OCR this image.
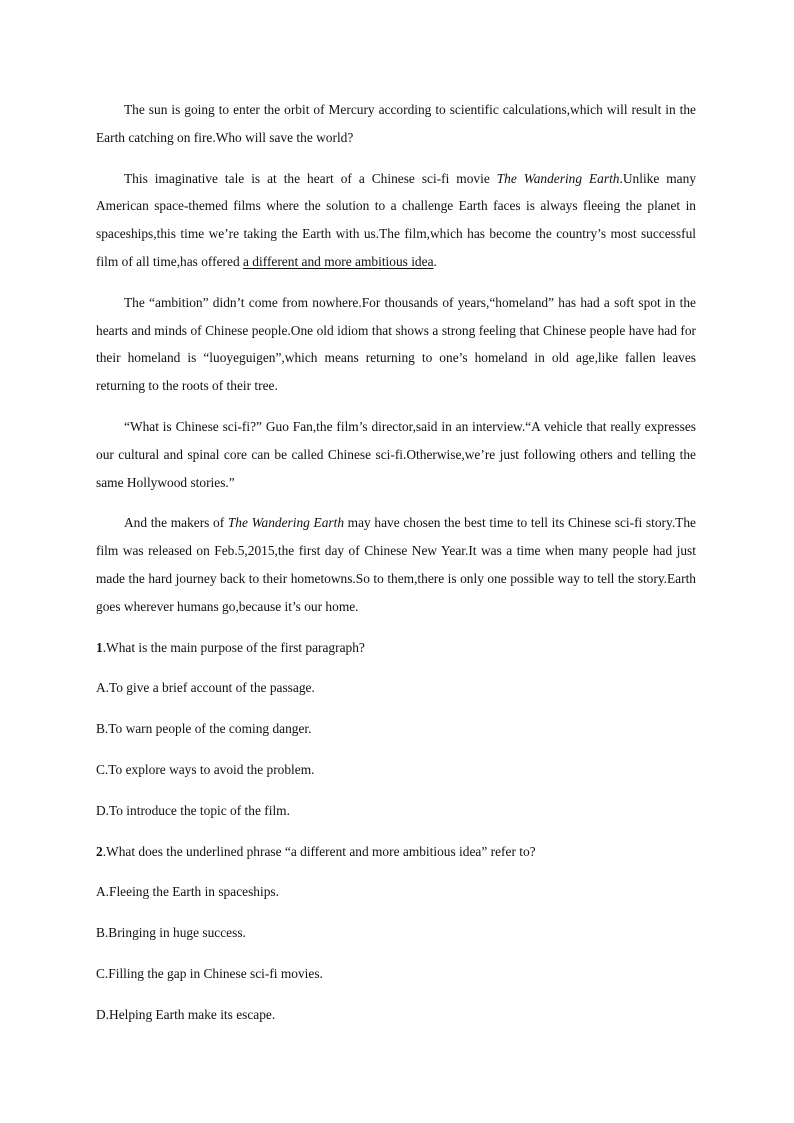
The sun is going to enter the orbit of Mercury according to scientific calculations,which will result in the Earth catching on fire.Who will save the world?

This imaginative tale is at the heart of a Chinese sci-fi movie The Wandering Earth.Unlike many American space-themed films where the solution to a challenge Earth faces is always fleeing the planet in spaceships,this time we’re taking the Earth with us.The film,which has become the country’s most successful film of all time,has offered a different and more ambitious idea.

The “ambition” didn’t come from nowhere.For thousands of years,“homeland” has had a soft spot in the hearts and minds of Chinese people.One old idiom that shows a strong feeling that Chinese people have had for their homeland is “luoyeguigen”,which means returning to one’s homeland in old age,like fallen leaves returning to the roots of their tree.

“What is Chinese sci-fi?” Guo Fan,the film’s director,said in an interview.“A vehicle that really expresses our cultural and spinal core can be called Chinese sci-fi.Otherwise,we’re just following others and telling the same Hollywood stories.”

And the makers of The Wandering Earth may have chosen the best time to tell its Chinese sci-fi story.The film was released on Feb.5,2015,the first day of Chinese New Year.It was a time when many people had just made the hard journey back to their hometowns.So to them,there is only one possible way to tell the story.Earth goes wherever humans go,because it’s our home.

1.What is the main purpose of the first paragraph?

A.To give a brief account of the passage.

B.To warn people of the coming danger.

C.To explore ways to avoid the problem.

D.To introduce the topic of the film.

2.What does the underlined phrase “a different and more ambitious idea” refer to?

A.Fleeing the Earth in spaceships.

B.Bringing in huge success.

C.Filling the gap in Chinese sci-fi movies.

D.Helping Earth make its escape.
